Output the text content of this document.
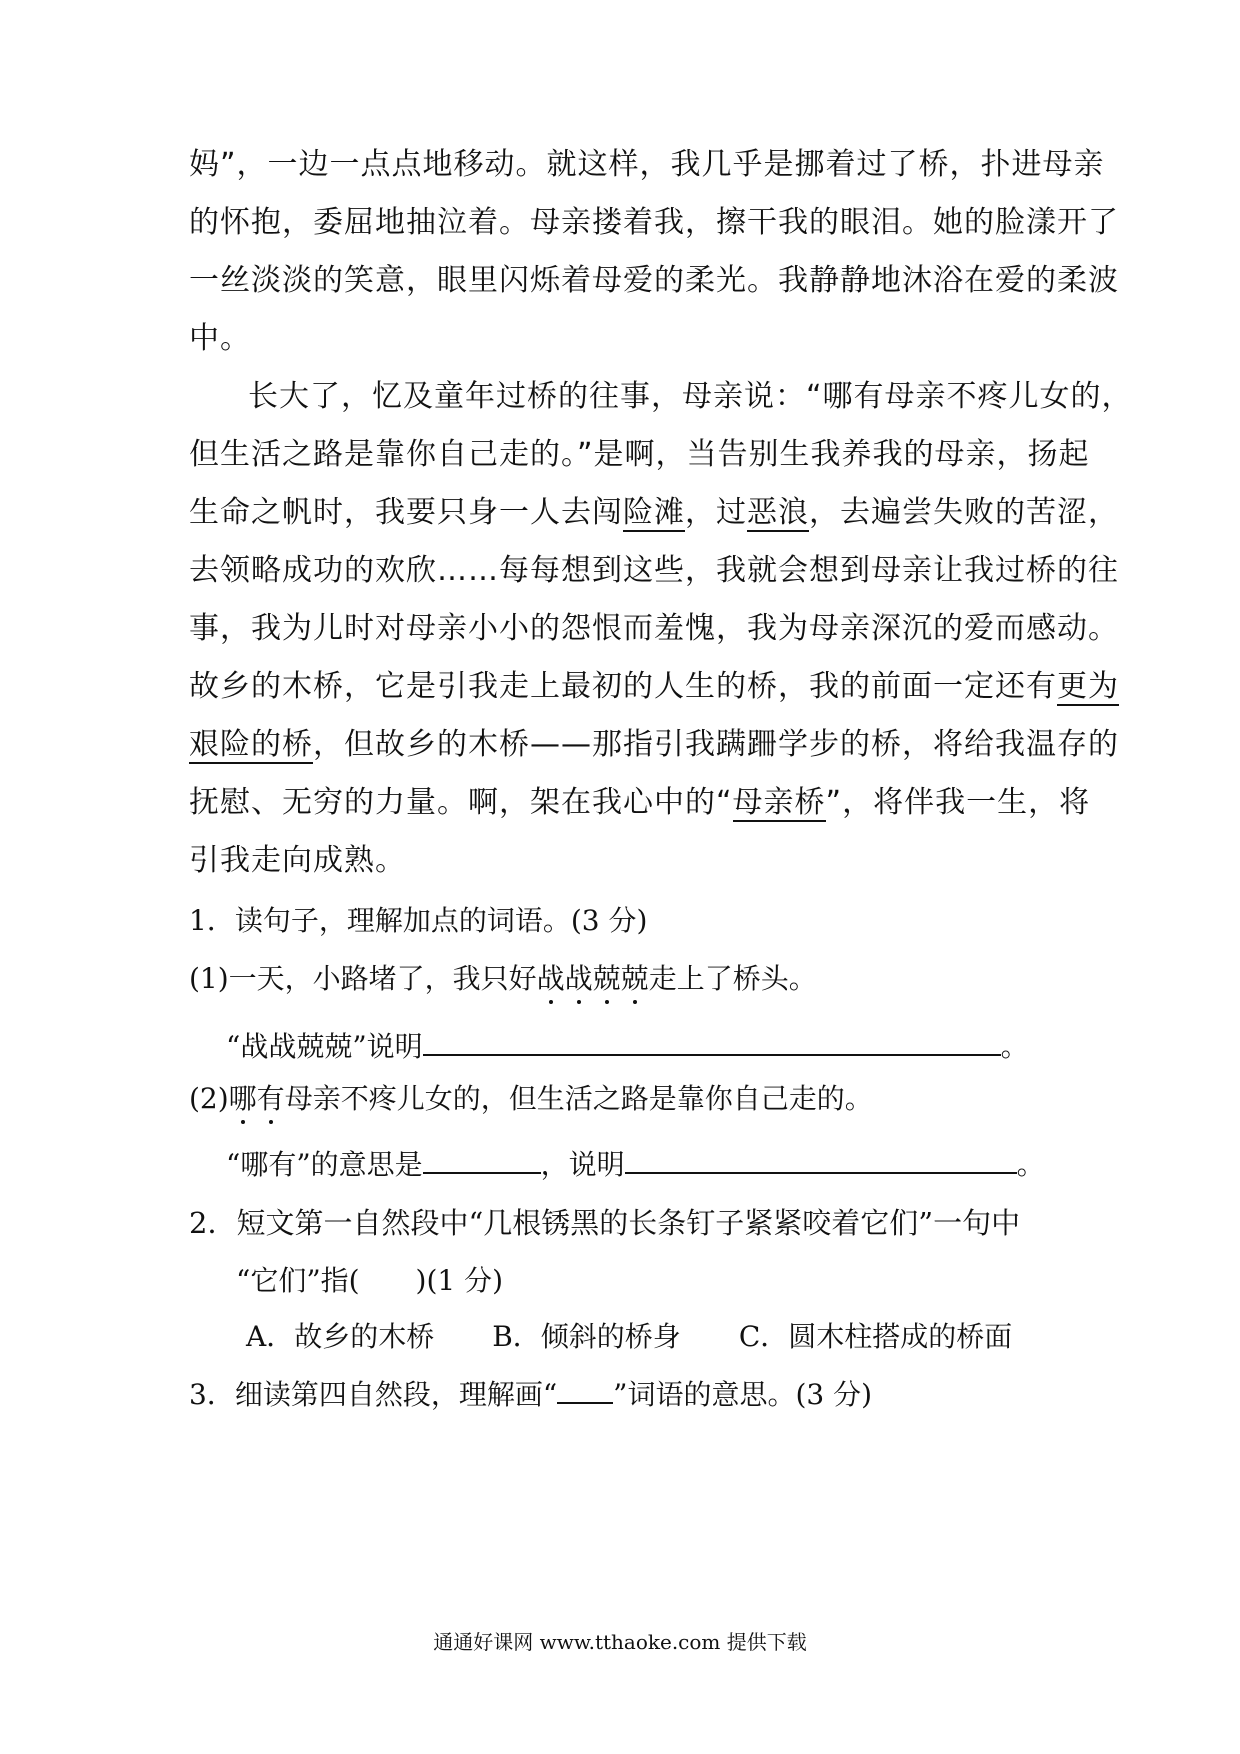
妈”，一边一点点地移动。就这样，我几乎是挪着过了桥，扑进母亲
的怀抱，委屈地抽泣着。母亲搂着我，擦干我的眼泪。她的脸漾开了
一丝淡淡的笑意，眼里闪烁着母爱的柔光。我静静地沐浴在爱的柔波
中。
长大了，忆及童年过桥的往事，母亲说：“哪有母亲不疼儿女的，
但生活之路是靠你自己走的。”是啊，当告别生我养我的母亲，扬起
生命之帆时，我要只身一人去闯险滩，过恶浪，去遍尝失败的苦涩，
去领略成功的欢欣……每每想到这些，我就会想到母亲让我过桥的往
事，我为儿时对母亲小小的怨恨而羞愧，我为母亲深沉的爱而感动。
故乡的木桥，它是引我走上最初的人生的桥，我的前面一定还有更为
艰险的桥，但故乡的木桥——那指引我蹒跚学步的桥，将给我温存的
抚慰、无穷的力量。啊，架在我心中的“母亲桥”，将伴我一生，将
引我走向成熟。
1．读句子，理解加点的词语。(3 分)
(1)一天，小路堵了，我只好战战兢兢
走上了桥头。
“战战兢兢”说明	。
(2)哪有
母亲不疼儿女的，但生活之路是靠你自己走的。
“哪有”的意思是	，说明	。
2．短文第一自然段中“几根锈黑的长条钉子紧紧咬着它们”一句中
“它们”指(　　)(1 分)
A．故乡的木桥 B．倾斜的桥身 C．圆木柱搭成的桥面
3．细读第四自然段，理解画“ ”词语的意思。(3 分)
通通好课网 www.tthaoke.com 提供下载
